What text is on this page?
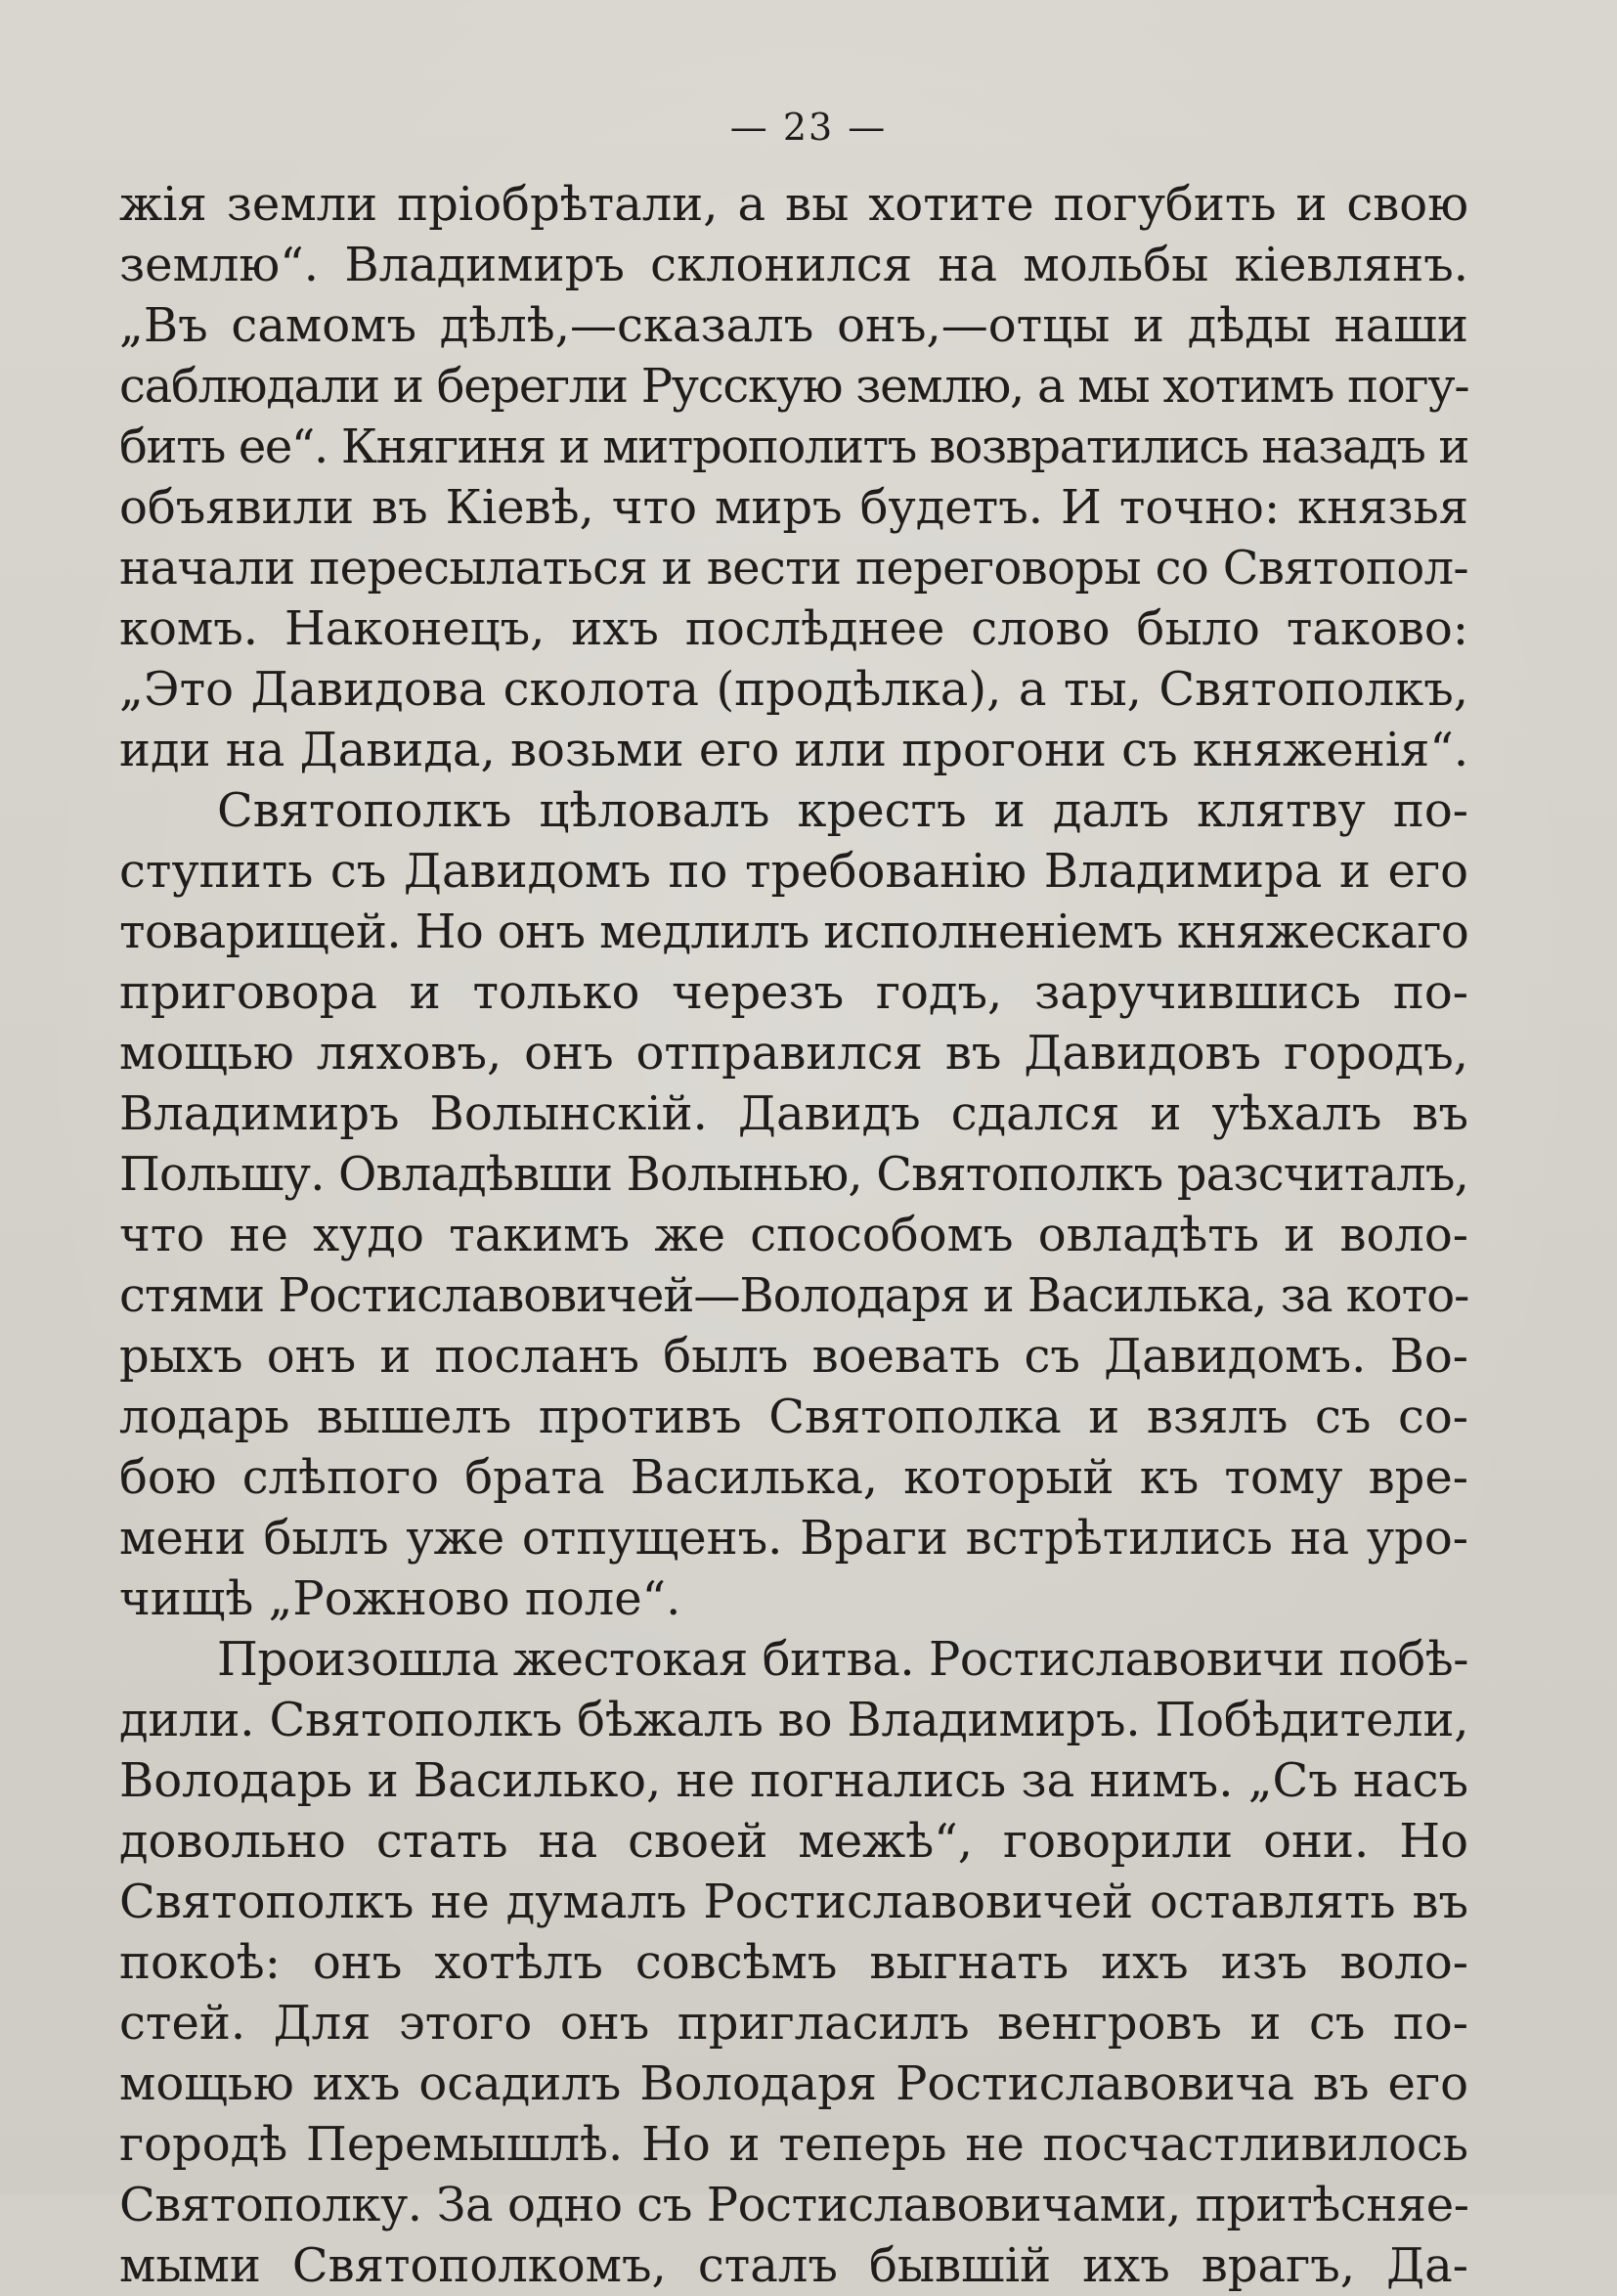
— 23 —
жія земли пріобрѣтали, а вы хотите погубить и свою
землю“. Владимиръ склонился на мольбы кіевлянъ.
„Въ самомъ дѣлѣ,—сказалъ онъ,—отцы и дѣды наши
саблюдали и берегли Русскую землю, а мы хотимъ погу-
бить ее“. Княгиня и митрополитъ возвратились назадъ и
объявили въ Кіевѣ, что миръ будетъ. И точно: князья
начали пересылаться и вести переговоры со Святопол-
комъ. Наконецъ, ихъ послѣднее слово было таково:
„Это Давидова сколота (продѣлка), а ты, Святополкъ,
иди на Давида, возьми его или прогони съ княженія“.
Святополкъ цѣловалъ крестъ и далъ клятву по-
ступить съ Давидомъ по требованію Владимира и его
товарищей. Но онъ медлилъ исполненіемъ княжескаго
приговора и только черезъ годъ, заручившись по-
мощью ляховъ, онъ отправился въ Давидовъ городъ,
Владимиръ Волынскій. Давидъ сдался и уѣхалъ въ
Польшу. Овладѣвши Волынью, Святополкъ разсчиталъ,
что не худо такимъ же способомъ овладѣть и воло-
стями Ростиславовичей—Володаря и Василька, за кото-
рыхъ онъ и посланъ былъ воевать съ Давидомъ. Во-
лодарь вышелъ противъ Святополка и взялъ съ со-
бою слѣпого брата Василька, который къ тому вре-
мени былъ уже отпущенъ. Враги встрѣтились на уро-
чищѣ „Рожново поле“.
Произошла жестокая битва. Ростиславовичи побѣ-
дили. Святополкъ бѣжалъ во Владимиръ. Побѣдители,
Володарь и Василько, не погнались за нимъ. „Съ насъ
довольно стать на своей межѣ“, говорили они. Но
Святополкъ не думалъ Ростиславовичей оставлять въ
покоѣ: онъ хотѣлъ совсѣмъ выгнать ихъ изъ воло-
стей. Для этого онъ пригласилъ венгровъ и съ по-
мощью ихъ осадилъ Володаря Ростиславовича въ его
городѣ Перемышлѣ. Но и теперь не посчастливилось
Святополку. За одно съ Ростиславовичами, притѣсняе-
мыми Святополкомъ, сталъ бывшій ихъ врагъ, Да-
